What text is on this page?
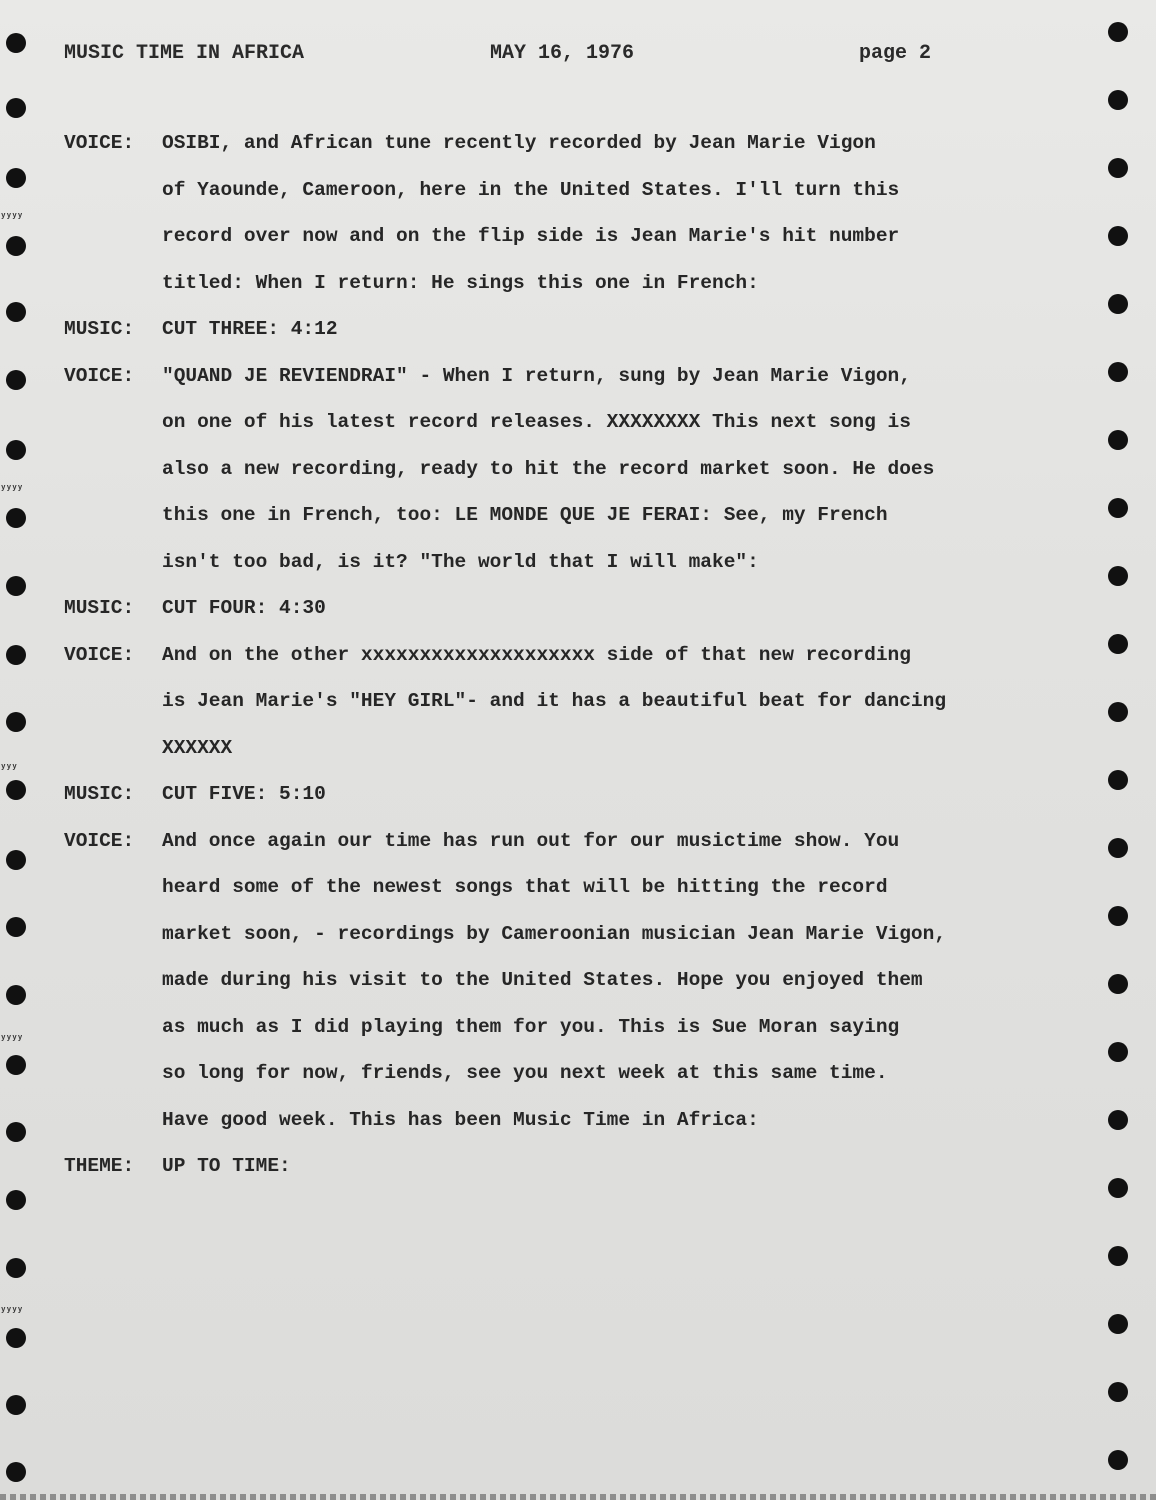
ʸʸʸʸ
ʸʸʸʸ
ʸʸʸ
ʸʸʸʸ
ʸʸʸʸ
MUSIC TIME IN AFRICA	MAY 16, 1976	page 2
VOICE: OSIBI, and African tune recently recorded by Jean Marie Vigon
of Yaounde, Cameroon, here in the United States. I'll turn this
record over now and on the flip side is Jean Marie's hit number
titled: When I return: He sings this one in French:
MUSIC: CUT THREE: 4:12
VOICE: "QUAND JE REVIENDRAI" - When I return, sung by Jean Marie Vigon,
on one of his latest record releases. XXXXXXXX This next song is
also a new recording, ready to hit the record market soon. He does
this one in French, too: LE MONDE QUE JE FERAI: See, my French
isn't too bad, is it? "The world that I will make":
MUSIC: CUT FOUR: 4:30
VOICE: And on the other xxxxxxxxxxxxxxxxxxxx side of that new recording
is Jean Marie's "HEY GIRL"- and it has a beautiful beat for dancing
XXXXXX
MUSIC: CUT FIVE: 5:10
VOICE: And once again our time has run out for our musictime show. You
heard some of the newest songs that will be hitting the record
market soon, - recordings by Cameroonian musician Jean Marie Vigon,
made during his visit to the United States. Hope you enjoyed them
as much as I did playing them for you. This is Sue Moran saying
so long for now, friends, see you next week at this same time.
Have good week. This has been Music Time in Africa:
THEME: UP TO TIME:
